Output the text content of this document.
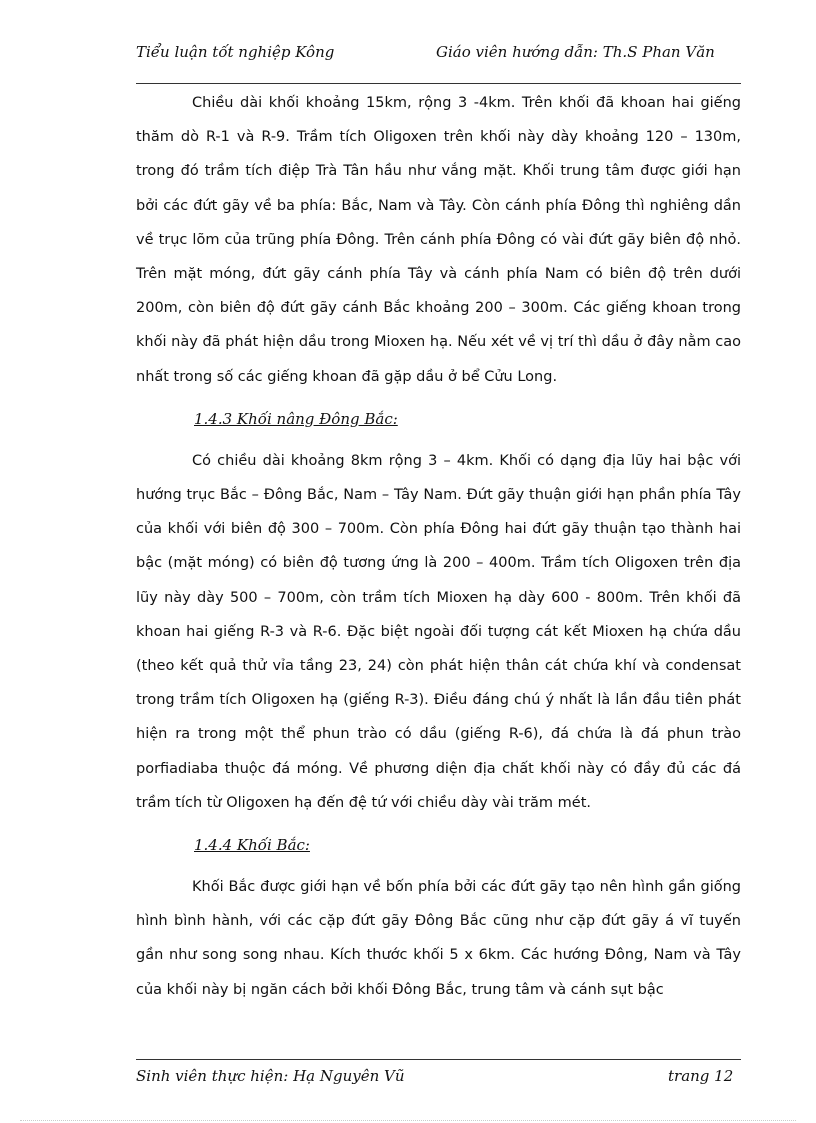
Tiểu luận tốt nghiệp Kông	Giáo viên hướng dẫn: Th.S Phan Văn

Chiều dài khối khoảng 15km, rộng 3 -4km. Trên khối đã khoan hai giếng thăm dò R-1 và R-9. Trầm tích Oligoxen trên khối này dày khoảng 120 – 130m, trong đó trầm tích điệp Trà Tân hầu như vắng mặt. Khối trung tâm được giới hạn bởi các đứt gãy về ba phía: Bắc, Nam và Tây. Còn cánh phía Đông thì nghiêng dần về trục lõm của trũng phía Đông. Trên cánh phía Đông có vài đứt gãy biên độ nhỏ. Trên mặt móng, đứt gãy cánh phía Tây và cánh phía Nam có biên độ trên dưới 200m, còn biên độ đứt gãy cánh Bắc khoảng 200 – 300m. Các giếng khoan trong khối này đã phát hiện dầu trong Mioxen hạ. Nếu xét về vị trí thì dầu ở đây nằm cao nhất trong số các giếng khoan đã gặp dầu ở bể Cửu Long.

1.4.3 Khối nâng Đông Bắc:

Có chiều dài khoảng 8km rộng 3 – 4km. Khối có dạng địa lũy hai bậc với hướng trục Bắc – Đông Bắc, Nam – Tây Nam. Đứt gãy thuận giới hạn phần phía Tây của khối với biên độ 300 – 700m. Còn phía Đông hai đứt gãy thuận tạo thành hai bậc (mặt móng) có biên độ tương ứng là 200 – 400m. Trầm tích Oligoxen trên địa lũy này dày 500 – 700m, còn trầm tích Mioxen hạ dày 600 - 800m. Trên khối đã khoan hai giếng R-3 và R-6. Đặc biệt ngoài đối tượng cát kết Mioxen hạ chứa dầu (theo kết quả thử vỉa tầng 23, 24) còn phát hiện thân cát chứa khí và condensat trong trầm tích Oligoxen hạ (giếng R-3). Điều đáng chú ý nhất là lần đầu tiên phát hiện ra trong một thể phun trào có dầu (giếng R-6), đá chứa là đá phun trào porfiadiaba thuộc đá móng. Về phương diện địa chất khối này có đầy đủ các đá trầm tích từ Oligoxen hạ đến đệ tứ với chiều dày vài trăm mét.

1.4.4 Khối Bắc:

Khối Bắc được giới hạn về bốn phía bởi các đứt gãy tạo nên hình gần giống hình bình hành, với các cặp đứt gãy Đông Bắc cũng như cặp đứt gãy á vĩ tuyến gần như song song nhau. Kích thước khối 5 x 6km. Các hướng Đông, Nam và Tây của khối này bị ngăn cách bởi khối Đông Bắc, trung tâm và cánh sụt bậc

Sinh viên thực hiện: Hạ Nguyên Vũ	trang 12
